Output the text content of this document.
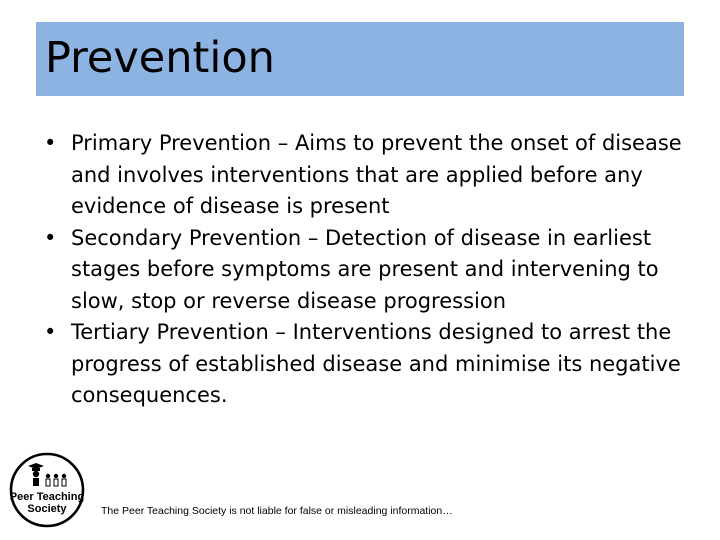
Prevention
• Primary Prevention – Aims to prevent the onset of disease and involves interventions that are applied before any evidence of disease is present
• Secondary Prevention – Detection of disease in earliest stages before symptoms are present and intervening to slow, stop or reverse disease progression
• Tertiary Prevention – Interventions designed to arrest the progress of established disease and minimise its negative consequences.
Peer Teaching
Society	The Peer Teaching Society is not liable for false or misleading information…
